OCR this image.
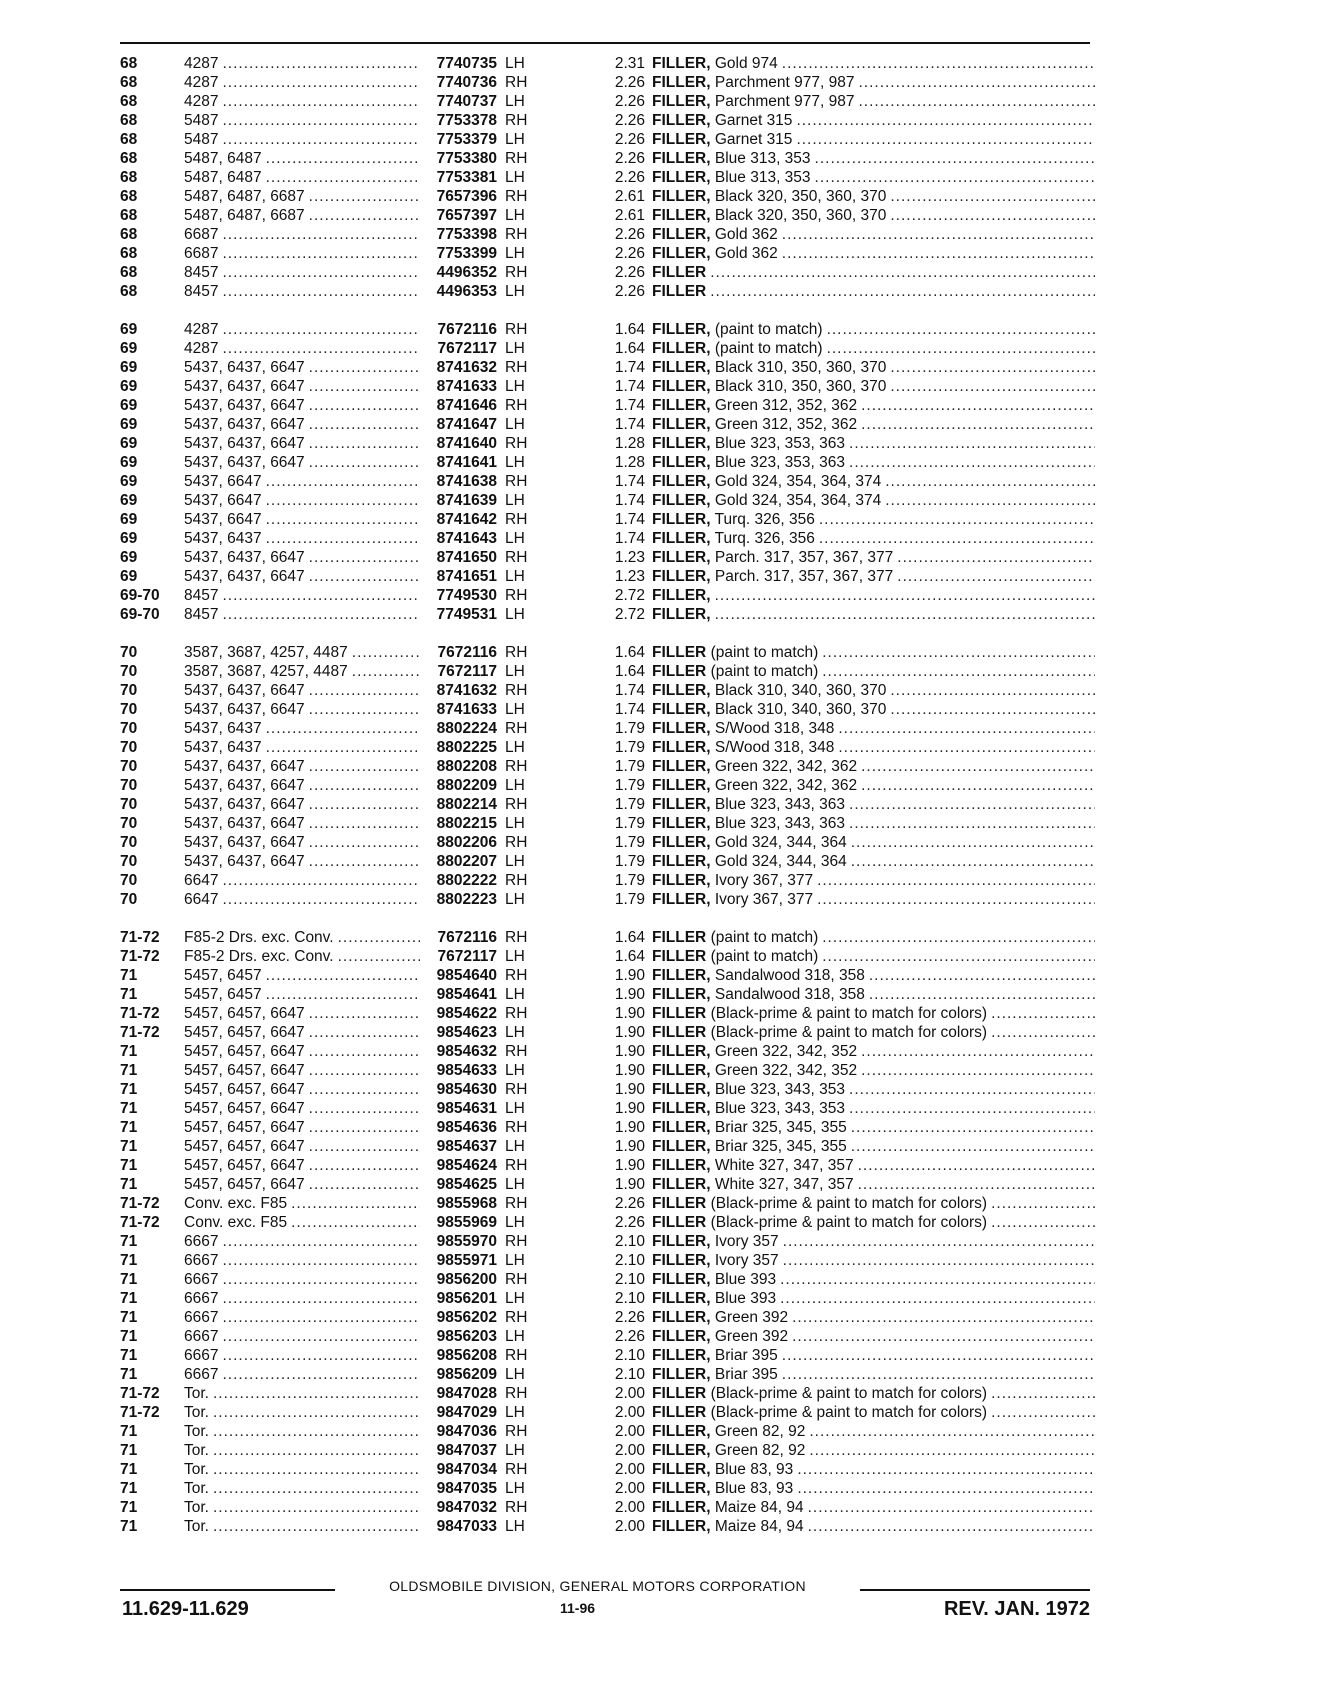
68	4287 .....	7740735 LH	2.31 FILLER, Gold 974
.....
68	4287 .....	7740736 RH	2.26 FILLER, Parchment 977, 987
.....
68	4287 .....	7740737 LH	2.26 FILLER, Parchment 977, 987
.....
68	5487 .....	7753378 RH	2.26 FILLER, Garnet 315
.....
68	5487 .....	7753379 LH	2.26 FILLER, Garnet 315
.....
68	5487, 6487 .....	7753380 RH	2.26 FILLER, Blue 313, 353
.....
68	5487, 6487 .....	7753381 LH	2.26 FILLER, Blue 313, 353
.....
68	5487, 6487, 6687 .....	7657396 RH	2.61 FILLER, Black 320, 350, 360, 370
.....
68	5487, 6487, 6687 .....	7657397 LH	2.61 FILLER, Black 320, 350, 360, 370
.....
68	6687 .....	7753398 RH	2.26 FILLER, Gold 362
.....
68	6687 .....	7753399 LH	2.26 FILLER, Gold 362
.....
68	8457 .....	4496352 RH	2.26 FILLER
.....
68	8457 .....	4496353 LH	2.26 FILLER
.....
69	4287 .....	7672116 RH	1.64 FILLER, (paint to match)
.....
69	4287 .....	7672117 LH	1.64 FILLER, (paint to match)
.....
69	5437, 6437, 6647 .....	8741632 RH	1.74 FILLER, Black 310, 350, 360, 370
.....
69	5437, 6437, 6647 .....	8741633 LH	1.74 FILLER, Black 310, 350, 360, 370
.....
69	5437, 6437, 6647 .....	8741646 RH	1.74 FILLER, Green 312, 352, 362
.....
69	5437, 6437, 6647 .....	8741647 LH	1.74 FILLER, Green 312, 352, 362
.....
69	5437, 6437, 6647 .....	8741640 RH	1.28 FILLER, Blue 323, 353, 363
.....
69	5437, 6437, 6647 .....	8741641 LH	1.28 FILLER, Blue 323, 353, 363
.....
69	5437, 6647 .....	8741638 RH	1.74 FILLER, Gold 324, 354, 364, 374
.....
69	5437, 6647 .....	8741639 LH	1.74 FILLER, Gold 324, 354, 364, 374
.....
69	5437, 6647 .....	8741642 RH	1.74 FILLER, Turq. 326, 356
.....
69	5437, 6437 .....	8741643 LH	1.74 FILLER, Turq. 326, 356
.....
69	5437, 6437, 6647 .....	8741650 RH	1.23 FILLER, Parch. 317, 357, 367, 377
.....
69	5437, 6437, 6647 .....	8741651 LH	1.23 FILLER, Parch. 317, 357, 367, 377
.....
69-70	8457 .....	7749530 RH	2.72 FILLER,
.....
69-70	8457 .....	7749531 LH	2.72 FILLER,
.....
70	3587, 3687, 4257, 4487 .....	7672116 RH	1.64 FILLER (paint to match)
.....
70	3587, 3687, 4257, 4487 .....	7672117 LH	1.64 FILLER (paint to match)
.....
70	5437, 6437, 6647 .....	8741632 RH	1.74 FILLER, Black 310, 340, 360, 370
.....
70	5437, 6437, 6647 .....	8741633 LH	1.74 FILLER, Black 310, 340, 360, 370
.....
70	5437, 6437 .....	8802224 RH	1.79 FILLER, S/Wood 318, 348
.....
70	5437, 6437 .....	8802225 LH	1.79 FILLER, S/Wood 318, 348
.....
70	5437, 6437, 6647 .....	8802208 RH	1.79 FILLER, Green 322, 342, 362
.....
70	5437, 6437, 6647 .....	8802209 LH	1.79 FILLER, Green 322, 342, 362
.....
70	5437, 6437, 6647 .....	8802214 RH	1.79 FILLER, Blue 323, 343, 363
.....
70	5437, 6437, 6647 .....	8802215 LH	1.79 FILLER, Blue 323, 343, 363
.....
70	5437, 6437, 6647 .....	8802206 RH	1.79 FILLER, Gold 324, 344, 364
.....
70	5437, 6437, 6647 .....	8802207 LH	1.79 FILLER, Gold 324, 344, 364
.....
70	6647 .....	8802222 RH	1.79 FILLER, Ivory 367, 377
.....
70	6647 .....	8802223 LH	1.79 FILLER, Ivory 367, 377
.....
71-72	F85-2 Drs. exc. Conv. .....	7672116 RH	1.64 FILLER (paint to match)
.....
71-72	F85-2 Drs. exc. Conv. .....	7672117 LH	1.64 FILLER (paint to match)
.....
71	5457, 6457 .....	9854640 RH	1.90 FILLER, Sandalwood 318, 358
.....
71	5457, 6457 .....	9854641 LH	1.90 FILLER, Sandalwood 318, 358
.....
71-72	5457, 6457, 6647 .....	9854622 RH	1.90 FILLER (Black-prime & paint to match for colors)
.....
71-72	5457, 6457, 6647 .....	9854623 LH	1.90 FILLER (Black-prime & paint to match for colors)
.....
71	5457, 6457, 6647 .....	9854632 RH	1.90 FILLER, Green 322, 342, 352
.....
71	5457, 6457, 6647 .....	9854633 LH	1.90 FILLER, Green 322, 342, 352
.....
71	5457, 6457, 6647 .....	9854630 RH	1.90 FILLER, Blue 323, 343, 353
.....
71	5457, 6457, 6647 .....	9854631 LH	1.90 FILLER, Blue 323, 343, 353
.....
71	5457, 6457, 6647 .....	9854636 RH	1.90 FILLER, Briar 325, 345, 355
.....
71	5457, 6457, 6647 .....	9854637 LH	1.90 FILLER, Briar 325, 345, 355
.....
71	5457, 6457, 6647 .....	9854624 RH	1.90 FILLER, White 327, 347, 357
.....
71	5457, 6457, 6647 .....	9854625 LH	1.90 FILLER, White 327, 347, 357
.....
71-72	Conv. exc. F85 .....	9855968 RH	2.26 FILLER (Black-prime & paint to match for colors)
.....
71-72	Conv. exc. F85 .....	9855969 LH	2.26 FILLER (Black-prime & paint to match for colors)
.....
71	6667 .....	9855970 RH	2.10 FILLER, Ivory 357
.....
71	6667 .....	9855971 LH	2.10 FILLER, Ivory 357
.....
71	6667 .....	9856200 RH	2.10 FILLER, Blue 393
.....
71	6667 .....	9856201 LH	2.10 FILLER, Blue 393
.....
71	6667 .....	9856202 RH	2.26 FILLER, Green 392
.....
71	6667 .....	9856203 LH	2.26 FILLER, Green 392
.....
71	6667 .....	9856208 RH	2.10 FILLER, Briar 395
.....
71	6667 .....	9856209 LH	2.10 FILLER, Briar 395
.....
71-72	Tor. .....	9847028 RH	2.00 FILLER (Black-prime & paint to match for colors)
.....
71-72	Tor. .....	9847029 LH	2.00 FILLER (Black-prime & paint to match for colors)
.....
71	Tor. .....	9847036 RH	2.00 FILLER, Green 82, 92
.....
71	Tor. .....	9847037 LH	2.00 FILLER, Green 82, 92
.....
71	Tor. .....	9847034 RH	2.00 FILLER, Blue 83, 93
.....
71	Tor. .....	9847035 LH	2.00 FILLER, Blue 83, 93
.....
71	Tor. .....	9847032 RH	2.00 FILLER, Maize 84, 94
.....
71	Tor. .....	9847033 LH	2.00 FILLER, Maize 84, 94
.....
OLDSMOBILE DIVISION, GENERAL MOTORS CORPORATION
11.629-11.629	11-96	REV. JAN. 1972
